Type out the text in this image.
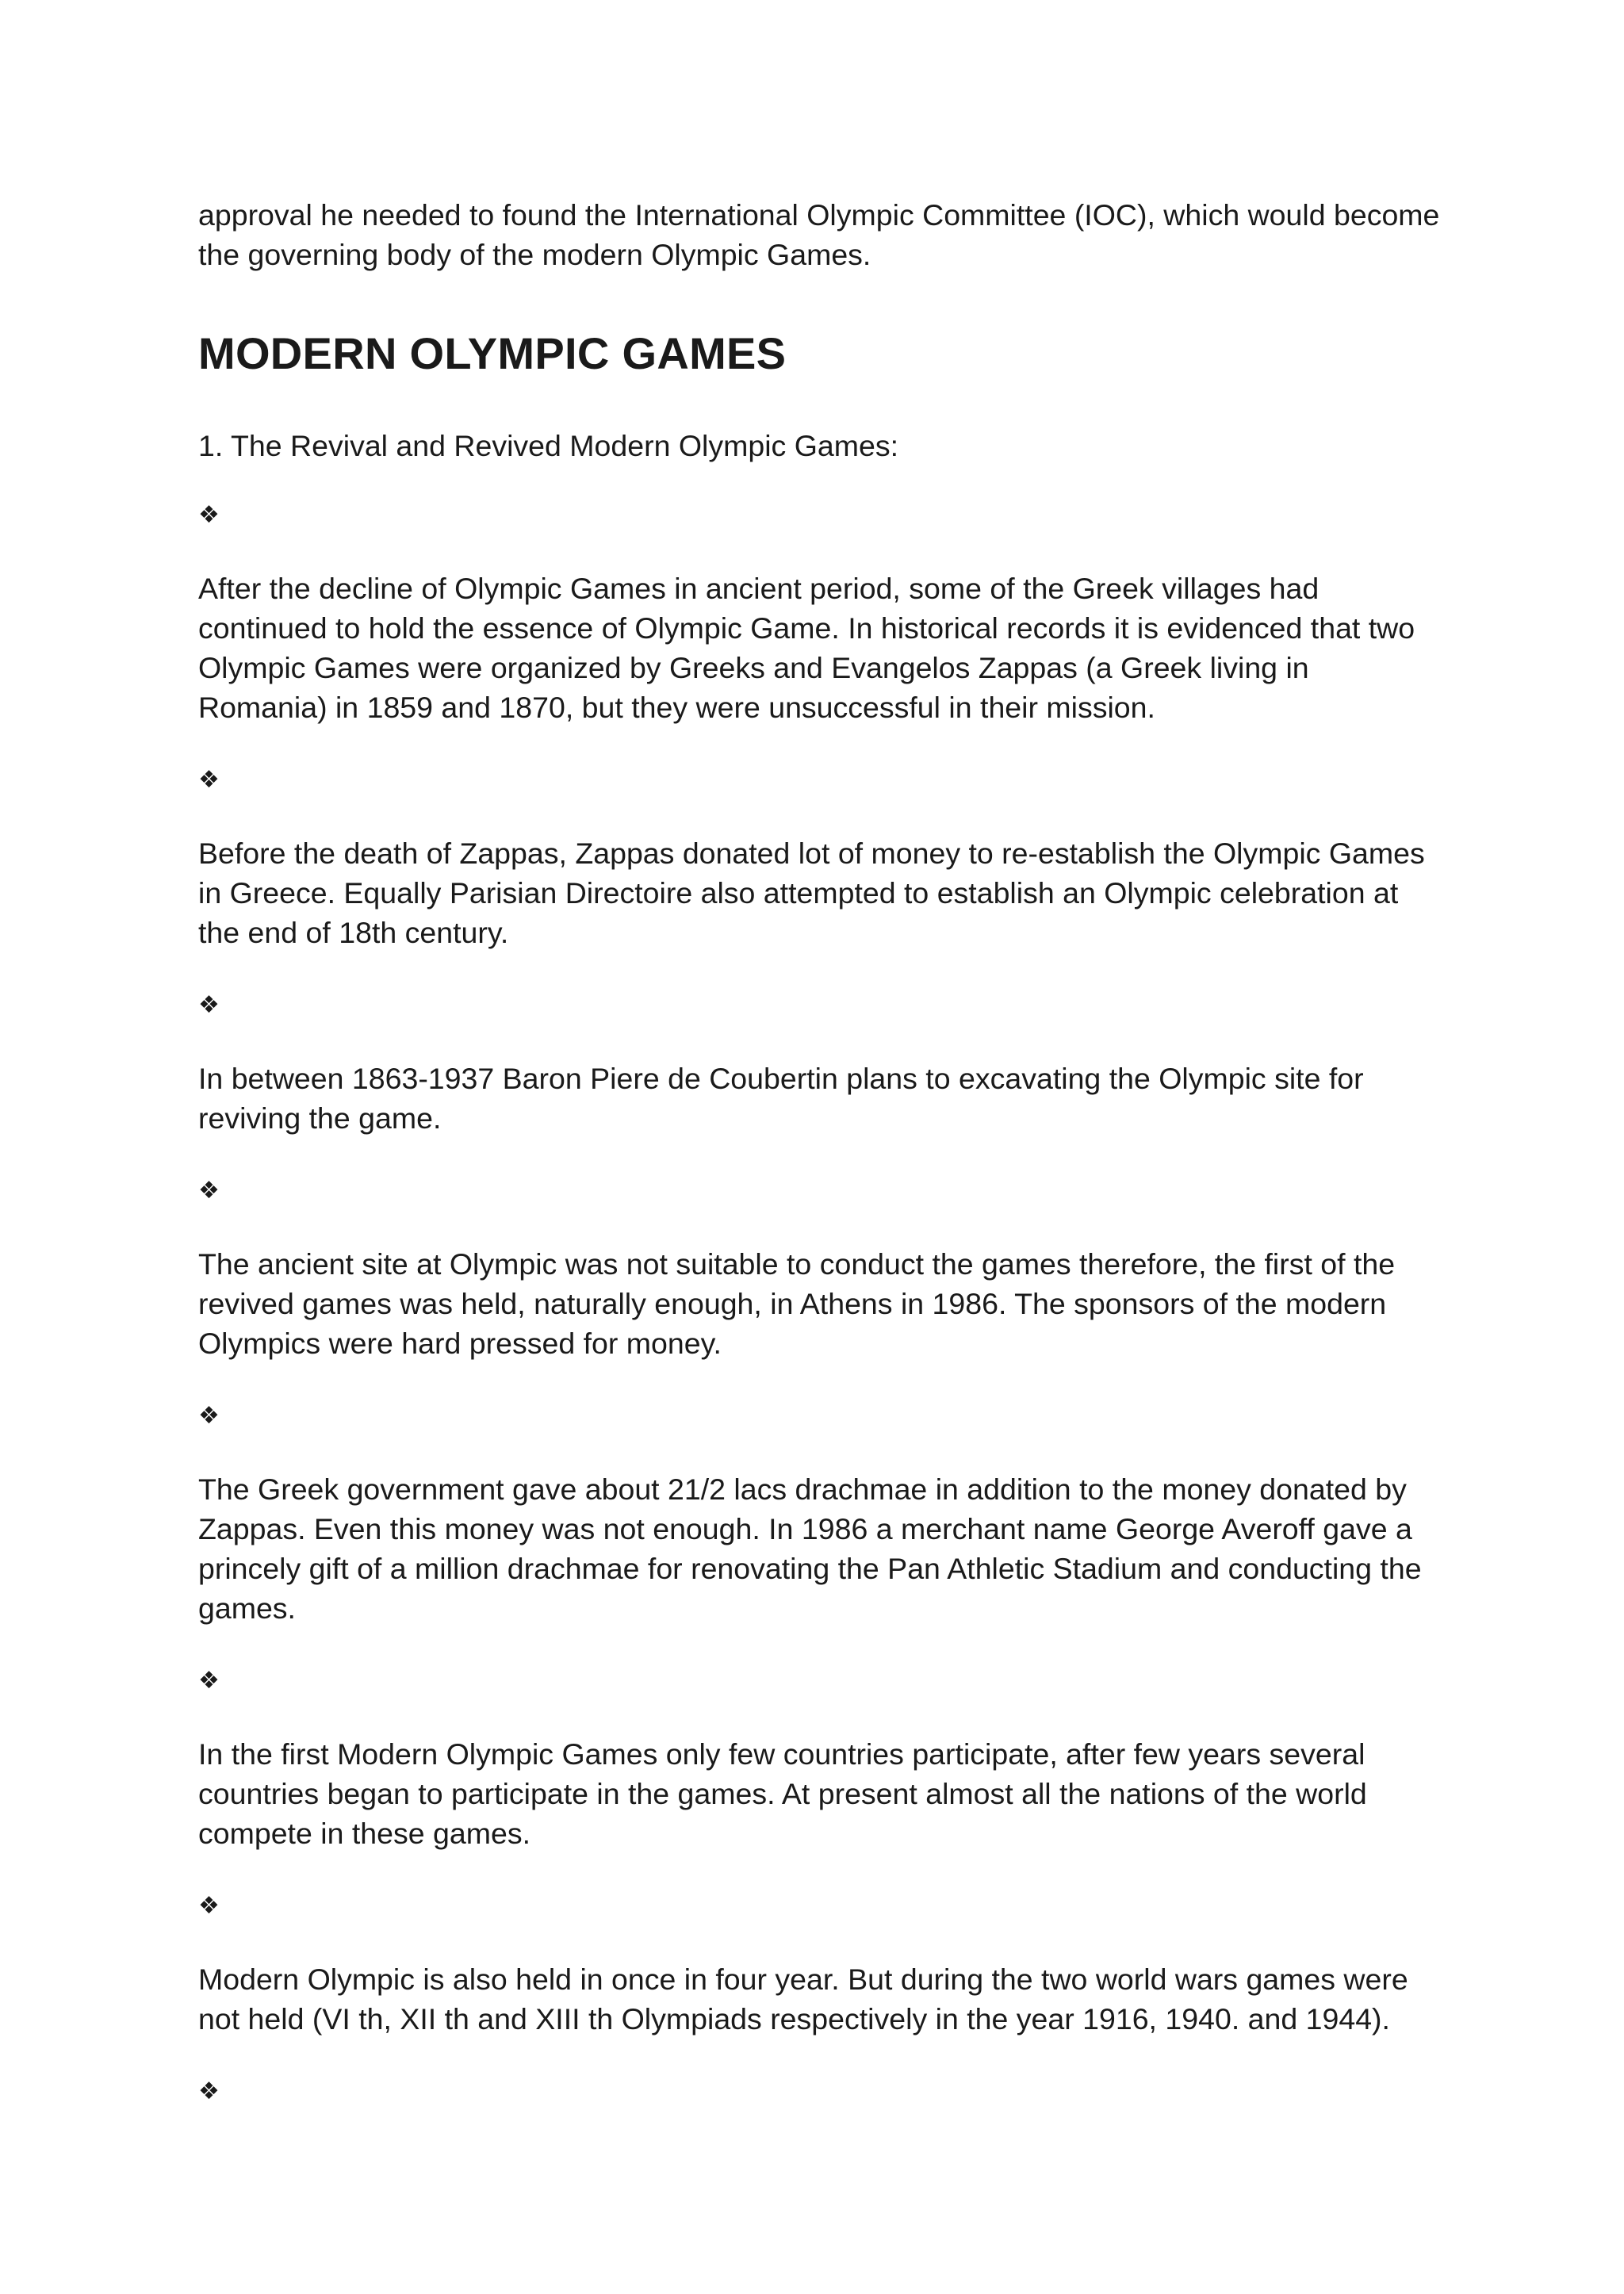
approval he needed to found the International Olympic Committee (IOC), which would become the governing body of the modern Olympic Games.

MODERN OLYMPIC GAMES

1. The Revival and Revived Modern Olympic Games:

❖

After the decline of Olympic Games in ancient period, some of the Greek villages had continued to hold the essence of Olympic Game. In historical records it is evidenced that two Olympic Games were organized by Greeks and Evangelos Zappas (a Greek living in Romania) in 1859 and 1870, but they were unsuccessful in their mission.

❖

Before the death of Zappas, Zappas donated lot of money to re-establish the Olympic Games in Greece. Equally Parisian Directoire also attempted to establish an Olympic celebration at the end of 18th century.

❖

In between 1863-1937 Baron Piere de Coubertin plans to excavating the Olympic site for reviving the game.

❖

The ancient site at Olympic was not suitable to conduct the games therefore, the first of the revived games was held, naturally enough, in Athens in 1986. The sponsors of the modern Olympics were hard pressed for money.

❖

The Greek government gave about 21/2 lacs drachmae in addition to the money donated by Zappas. Even this money was not enough. In 1986 a merchant name George Averoff gave a princely gift of a million drachmae for renovating the Pan Athletic Stadium and conducting the games.

❖

In the first Modern Olympic Games only few countries participate, after few years several countries began to participate in the games. At present almost all the nations of the world compete in these games.

❖

Modern Olympic is also held in once in four year. But during the two world wars games were not held (VI th, XII th and XIII th Olympiads respectively in the year 1916, 1940. and 1944).

❖
